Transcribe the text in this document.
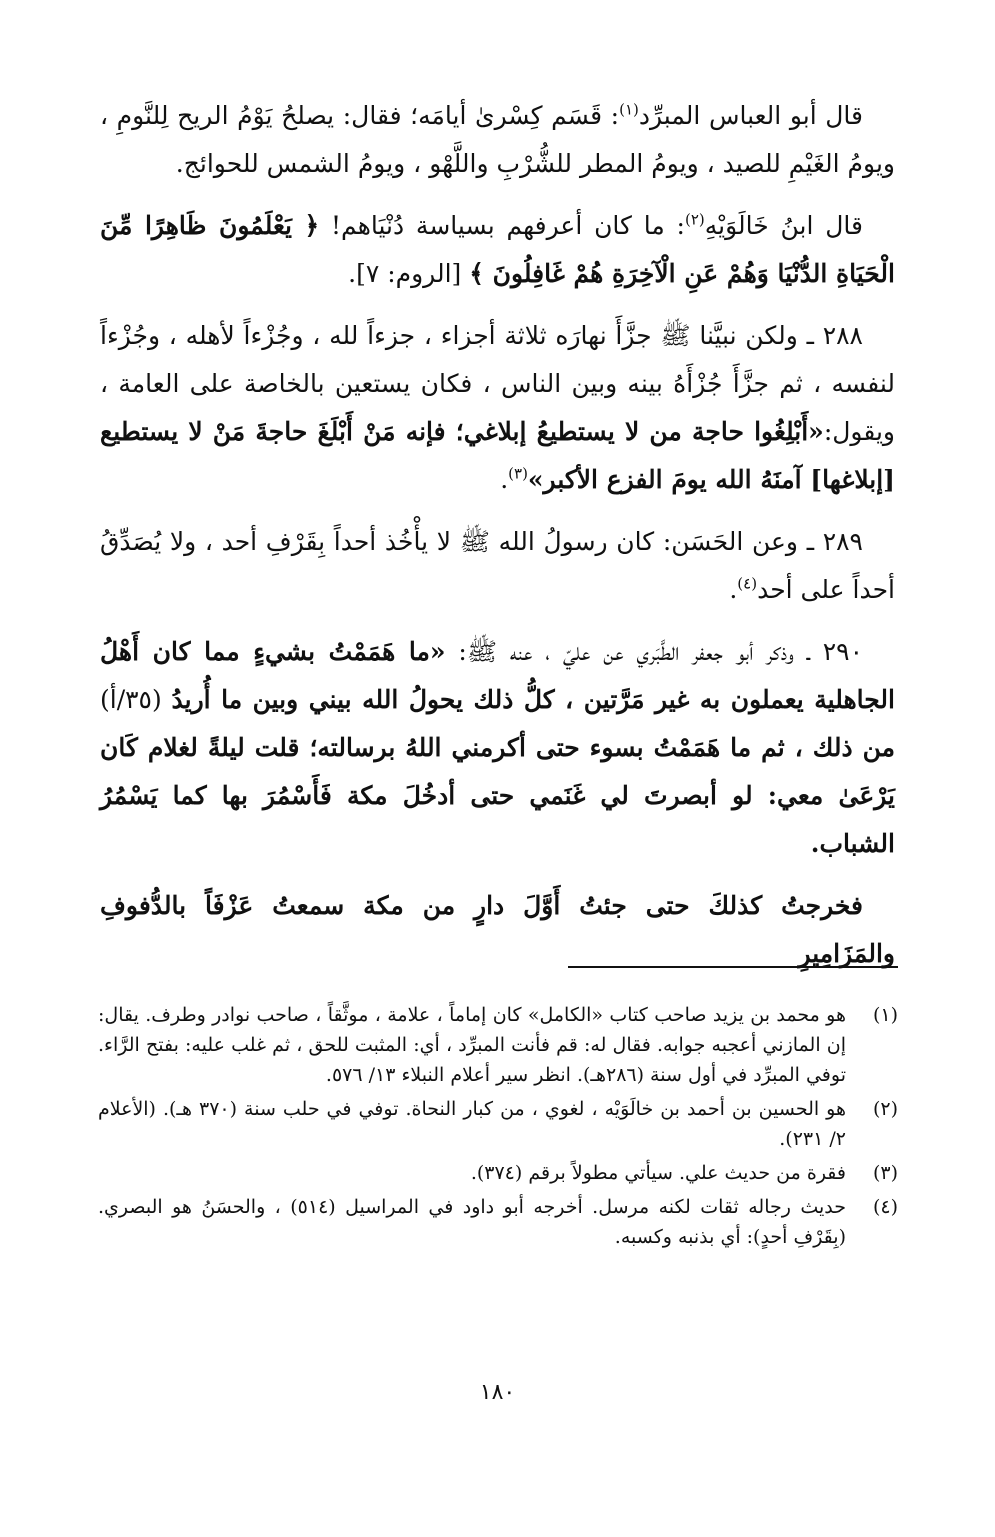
قال أبو العباس المبرِّد$^{(١)}$: قَسَم كِسْرىٰ أيامَه؛ فقال: يصلحُ يَوْمُ الريح لِلنَّومِ ، ويومُ الغَيْمِ للصيد ، ويومُ المطر للشُّرْبِ واللَّهْو ، ويومُ الشمس للحوائج.

قال ابنُ خَالَوَيْهِ$^{(٢)}$: ما كان أعرفهم بسياسة دُنْيَاهم! ﴿ يَعْلَمُونَ ظَاهِرًا مِّنَ الْحَيَاةِ الدُّنْيَا وَهُمْ عَنِ الْآخِرَةِ هُمْ غَافِلُونَ ﴾ [الروم: ٧].

٢٨٨ ـ ولكن نبيَّنا ﷺ جزَّأَ نهارَه ثلاثة أجزاء ، جزءاً لله ، وجُزْءاً لأهله ، وجُزْءاً لنفسه ، ثم جزَّأَ جُزْأَهُ بينه وبين الناس ، فكان يستعين بالخاصة على العامة ، ويقول:«أَبْلِغُوا حاجة من لا يستطيعُ إبلاغي؛ فإنه مَنْ أَبْلَغَ حاجةَ مَنْ لا يستطيع [إبلاغها] آمنَهُ الله يومَ الفزع الأكبر»$^{(٣)}$.

٢٨٩ ـ وعن الحَسَن: كان رسولُ الله ﷺ لا يأْخُذ أحداً بِقَرْفِ أحد ، ولا يُصَدِّقُ أحداً على أحد$^{(٤)}$.

٢٩٠ ـ وذكر أبو جعفر الطَّبَري عن عليّ ، عنه ﷺ: «ما هَمَمْتُ بشيءٍ مما كان أَهْلُ الجاهلية يعملون به غير مَرَّتين ، كلُّ ذلك يحولُ الله بيني وبين ما أُريدُ (٣٥/أ) من ذلك ، ثم ما هَمَمْتُ بسوء حتى أكرمني اللهُ برسالته؛ قلت ليلةً لغلام كَان يَرْعَىٰ معي: لو أبصرتَ لي غَنَمي حتى أدخُلَ مكة فَأَسْمُرَ بها كما يَسْمُرُ الشباب.

فخرجتُ كذلكَ حتى جئتُ أَوَّلَ دارٍ من مكة سمعتُ عَزْفَاً بالدُّفوفِ والمَزَامِيرِ

(١)
هو محمد بن يزيد صاحب كتاب «الكامل» كان إماماً ، علامة ، موثَّقاً ، صاحب نوادر وطرف. يقال: إن المازني أعجبه جوابه. فقال له: قم فأنت المبرِّد ، أي: المثبت للحق ، ثم غلب عليه: بفتح الرَّاء. توفي المبرِّد في أول سنة (٢٨٦هـ). انظر سير أعلام النبلاء ١٣/ ٥٧٦.
(٢)
هو الحسين بن أحمد بن خالَوَيْه ، لغوي ، من كبار النحاة. توفي في حلب سنة (٣٧٠ هـ). (الأعلام ٢/ ٢٣١).
(٣)
فقرة من حديث علي. سيأتي مطولاً برقم (٣٧٤).
(٤)
حديث رجاله ثقات لكنه مرسل. أخرجه أبو داود في المراسيل (٥١٤) ، والحسَنُ هو البصري. (بِقَرْفِ أحدٍ): أي بذنبه وكسبه.
١٨٠
